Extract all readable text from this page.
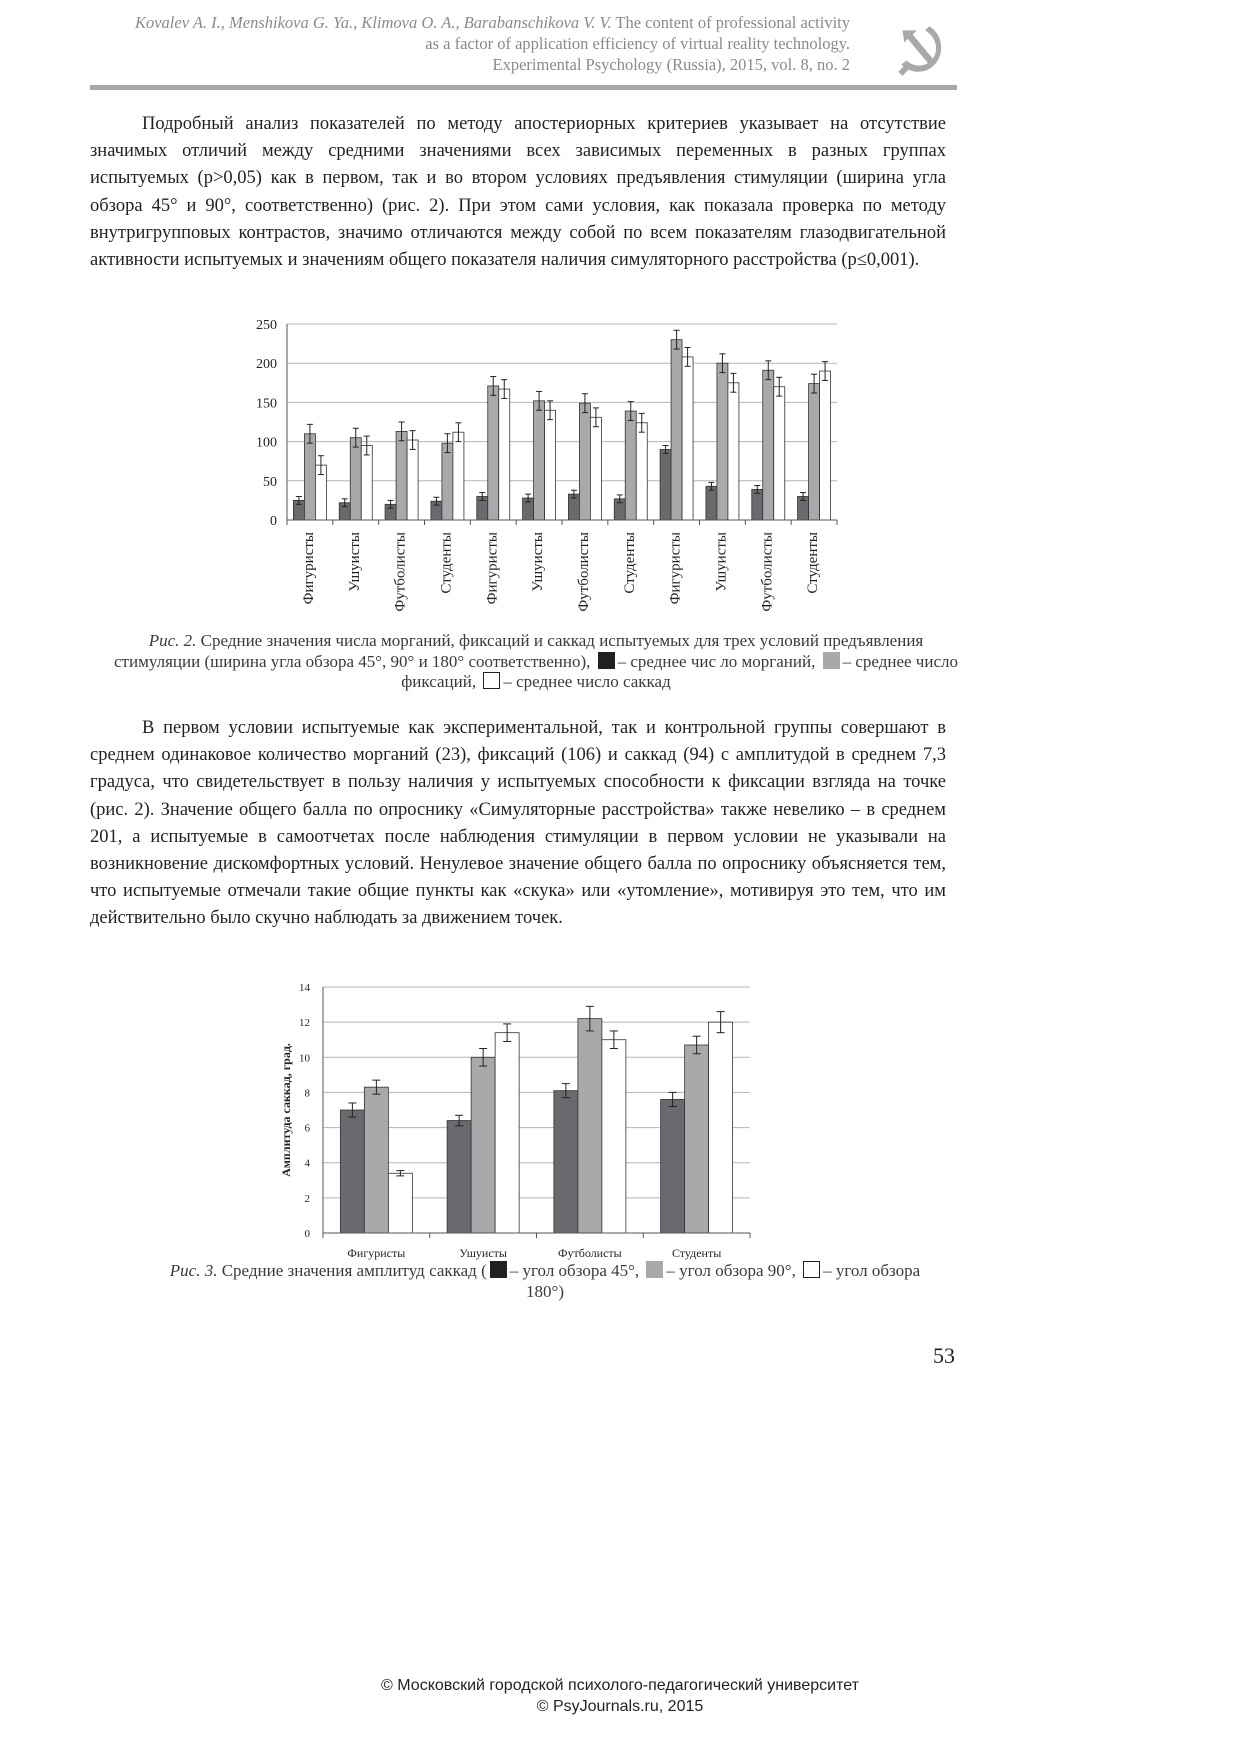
Kovalev A. I., Menshikova G. Ya., Klimova O. A., Barabanschikova V. V. The content of professional activity
as a factor of application efficiency of virtual reality technology.
Experimental Psychology (Russia), 2015, vol. 8, no. 2
Подробный анализ показателей по методу апостериорных критериев указывает на отсутствие значимых отличий между средними значениями всех зависимых переменных в разных группах испытуемых (p>0,05) как в первом, так и во втором условиях предъявления стимуляции (ширина угла обзора 45° и 90°, соответственно) (рис. 2). При этом сами условия, как показала проверка по методу внутригрупповых контрастов, значимо отличаются между собой по всем показателям глазодвигательной активности испытуемых и значениям общего показателя наличия симуляторного расстройства (p≤0,001).
0
50
100
150
200
250
Фигуристы Ушуисты Футболисты Студенты Фигуристы Ушуисты Футболисты Студенты Фигуристы Ушуисты Футболисты Студенты
Рис. 2. Средние значения числа морганий, фиксаций и саккад испытуемых для трех условий предъявления стимуляции (ширина угла обзора 45°, 90° и 180° соответственно), – среднее чис ло морганий, – среднее число фиксаций, – среднее число саккад
В первом условии испытуемые как экспериментальной, так и контрольной группы совершают в среднем одинаковое количество морганий (23), фиксаций (106) и саккад (94) с амплитудой в среднем 7,3 градуса, что свидетельствует в пользу наличия у испытуемых способности к фиксации взгляда на точке (рис. 2). Значение общего балла по опроснику «Симуляторные расстройства» также невелико – в среднем 201, а испытуемые в самоотчетах после наблюдения стимуляции в первом условии не указывали на возникновение дискомфортных условий. Ненулевое значение общего балла по опроснику объясняется тем, что испытуемые отмечали такие общие пункты как «скука» или «утомление», мотивируя это тем, что им действительно было скучно наблюдать за движением точек.
0
2
4
6
8
10
12
14
Фигуристы	Ушуисты	Футболисты	Студенты
Амплитуда саккад, град.
Рис. 3. Средние значения амплитуд саккад ( – угол обзора 45°, – угол обзора 90°, – угол обзора 180°)
53
© Московский городской психолого-педагогический университет
© PsyJournals.ru, 2015
